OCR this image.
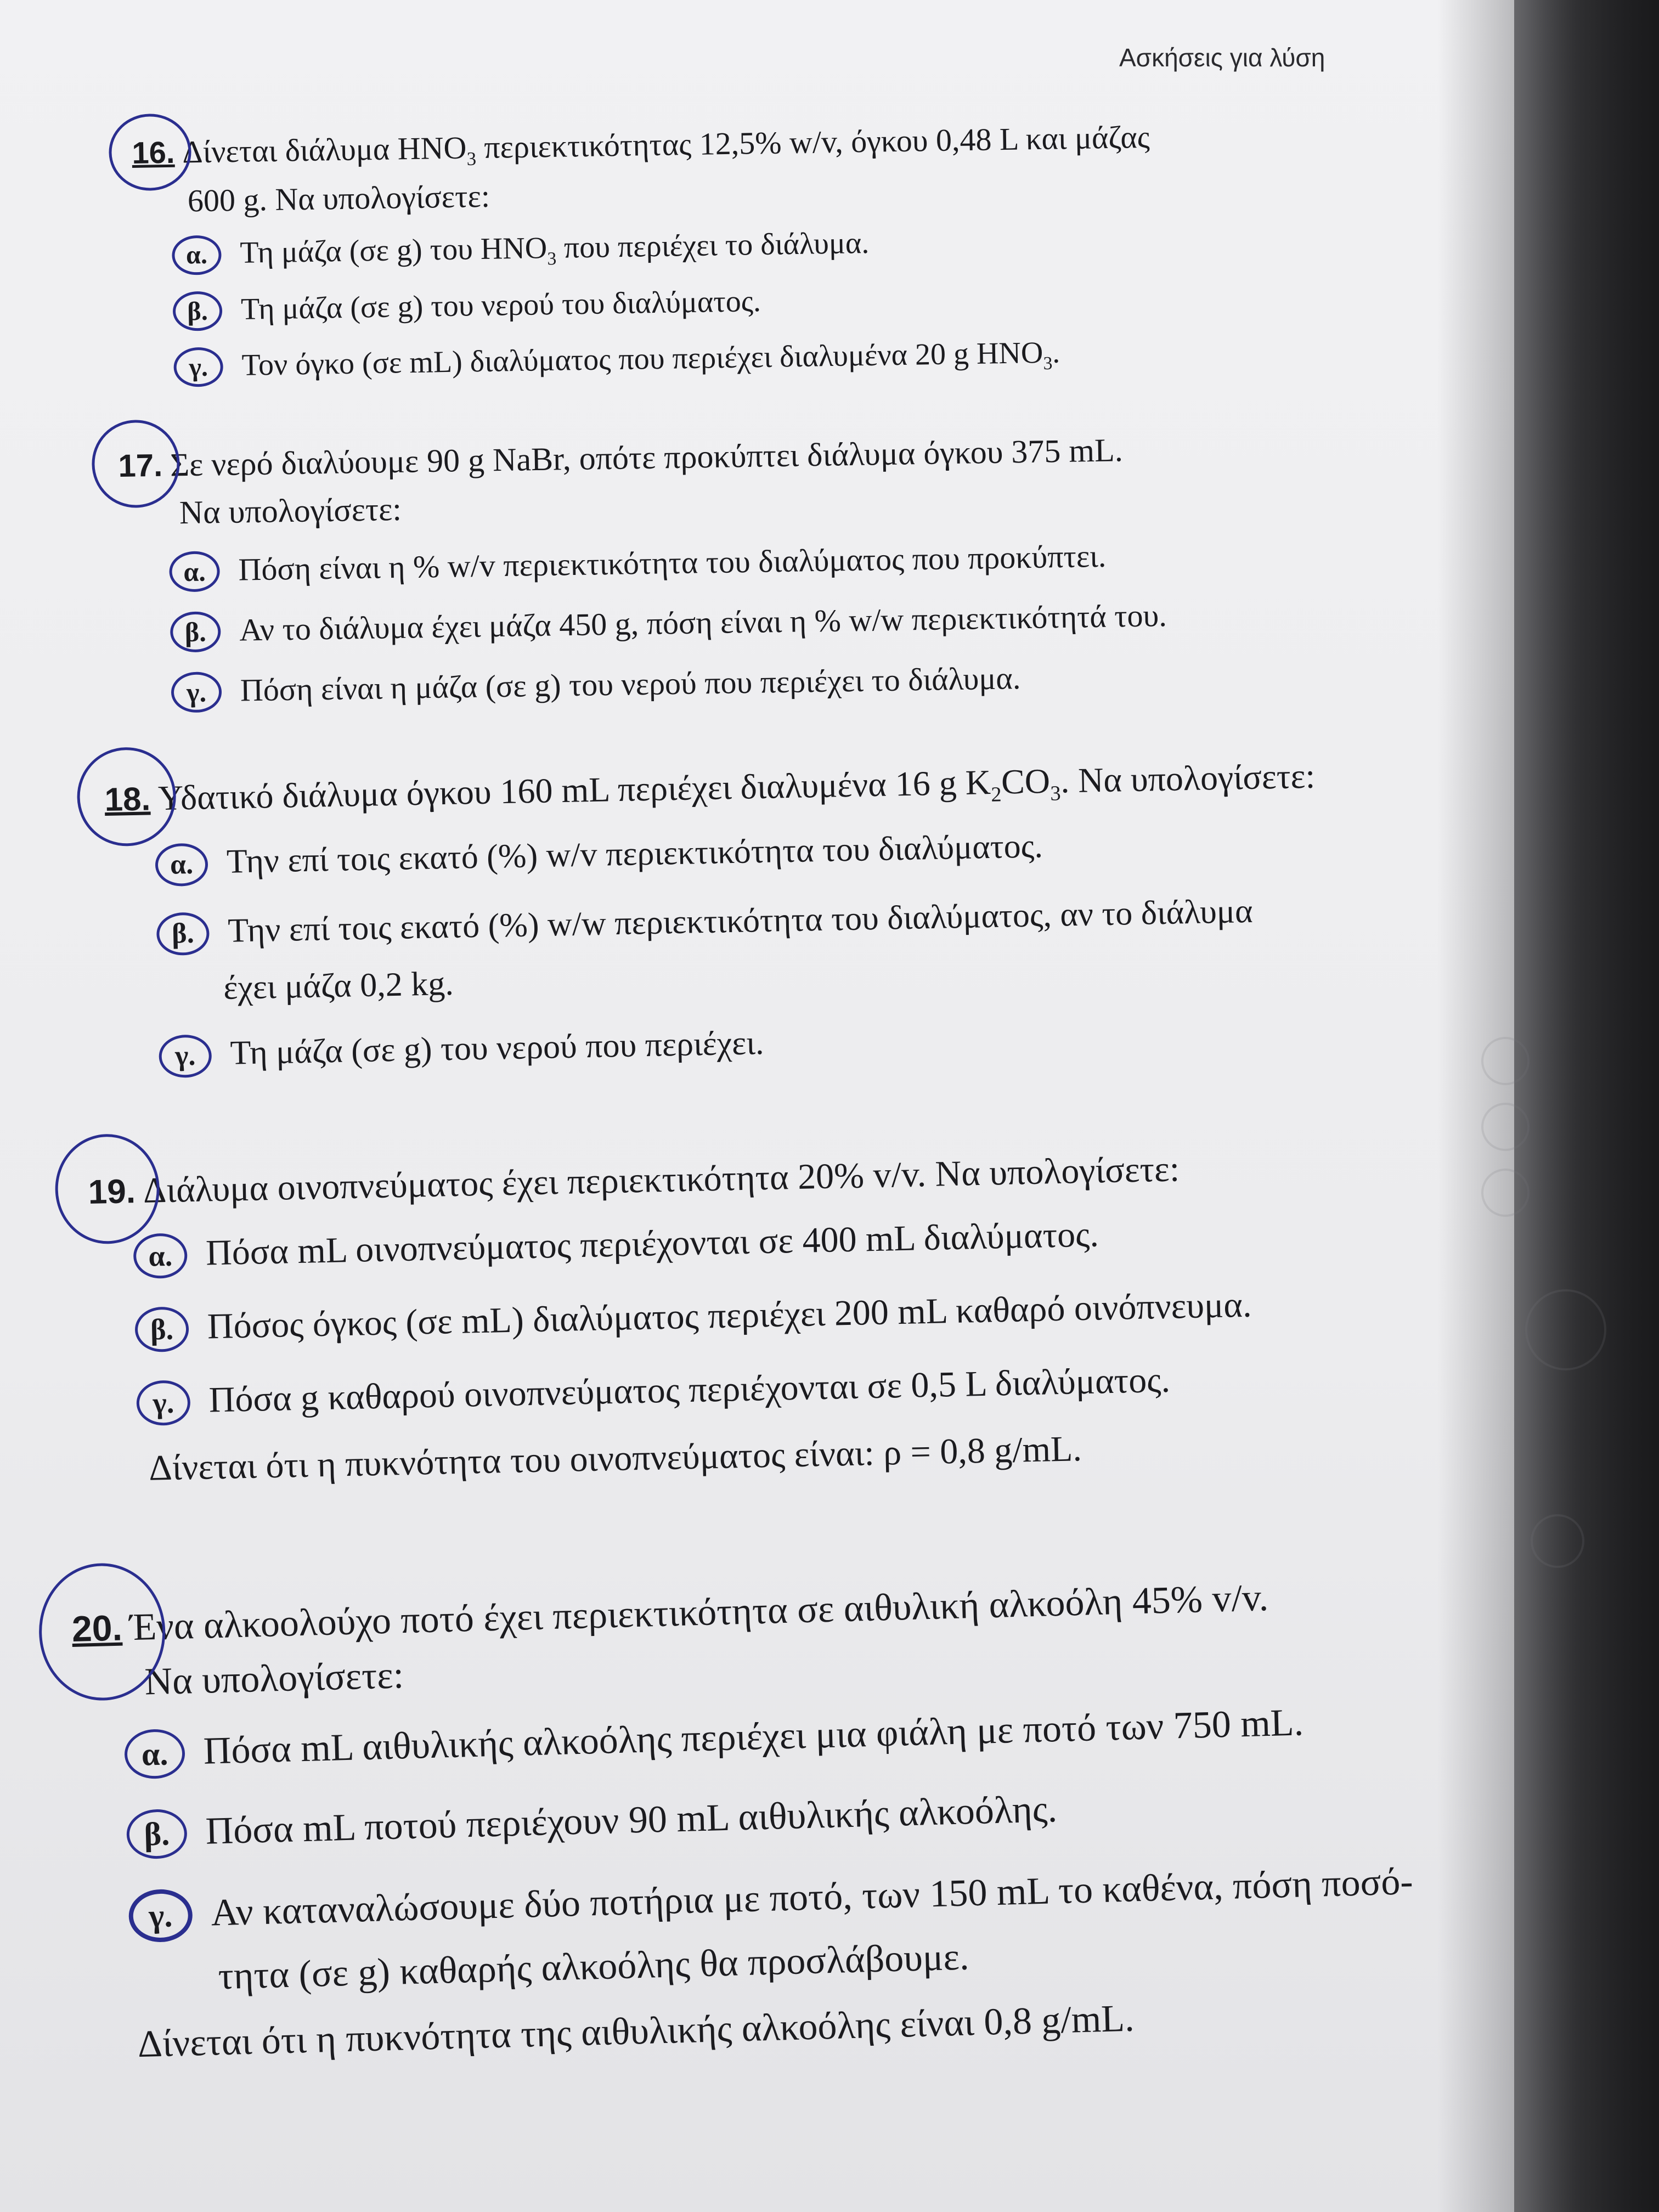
Ασκήσεις για λύση
16. Δίνεται διάλυμα $HNO_3$ περιεκτικότητας 12,5% w/v, όγκου 0,48 L και μάζας
600 g. Να υπολογίσετε:
α.	Τη μάζα (σε g) του $HNO_3$ που περιέχει το διάλυμα.
β.	Τη μάζα (σε g) του νερού του διαλύματος.
γ.	Τον όγκο (σε mL) διαλύματος που περιέχει διαλυμένα 20 g $HNO_3$.
17. Σε νερό διαλύουμε 90 g NaBr, οπότε προκύπτει διάλυμα όγκου 375 mL.
Να υπολογίσετε:
α.	Πόση είναι η % w/v περιεκτικότητα του διαλύματος που προκύπτει.
β.	Αν το διάλυμα έχει μάζα 450 g, πόση είναι η % w/w περιεκτικότητά του.
γ.	Πόση είναι η μάζα (σε g) του νερού που περιέχει το διάλυμα.
18. Υδατικό διάλυμα όγκου 160 mL περιέχει διαλυμένα 16 g $K_2CO_3$. Να υπολογίσετε:
α. Την επί τοις εκατό (%) w/v περιεκτικότητα του διαλύματος.
β. Την επί τοις εκατό (%) w/w περιεκτικότητα του διαλύματος, αν το διάλυμα
έχει μάζα 0,2 kg.
γ.	Τη μάζα (σε g) του νερού που περιέχει.
19. Διάλυμα οινοπνεύματος έχει περιεκτικότητα 20% v/v. Να υπολογίσετε:
α. Πόσα mL οινοπνεύματος περιέχονται σε 400 mL διαλύματος.
β. Πόσος όγκος (σε mL) διαλύματος περιέχει 200 mL καθαρό οινόπνευμα.
γ. Πόσα g καθαρού οινοπνεύματος περιέχονται σε 0,5 L διαλύματος.
Δίνεται ότι η πυκνότητα του οινοπνεύματος είναι: ρ = 0,8 g/mL.
20. Ένα αλκοολούχο ποτό έχει περιεκτικότητα σε αιθυλική αλκοόλη 45% v/v.
Να υπολογίσετε:
α. Πόσα mL αιθυλικής αλκοόλης περιέχει μια φιάλη με ποτό των 750 mL.
β. Πόσα mL ποτού περιέχουν 90 mL αιθυλικής αλκοόλης.
γ. Αν καταναλώσουμε δύο ποτήρια με ποτό, των 150 mL το καθένα, πόση ποσό-
τητα (σε g) καθαρής αλκοόλης θα προσλάβουμε.
Δίνεται ότι η πυκνότητα της αιθυλικής αλκοόλης είναι 0,8 g/mL.
